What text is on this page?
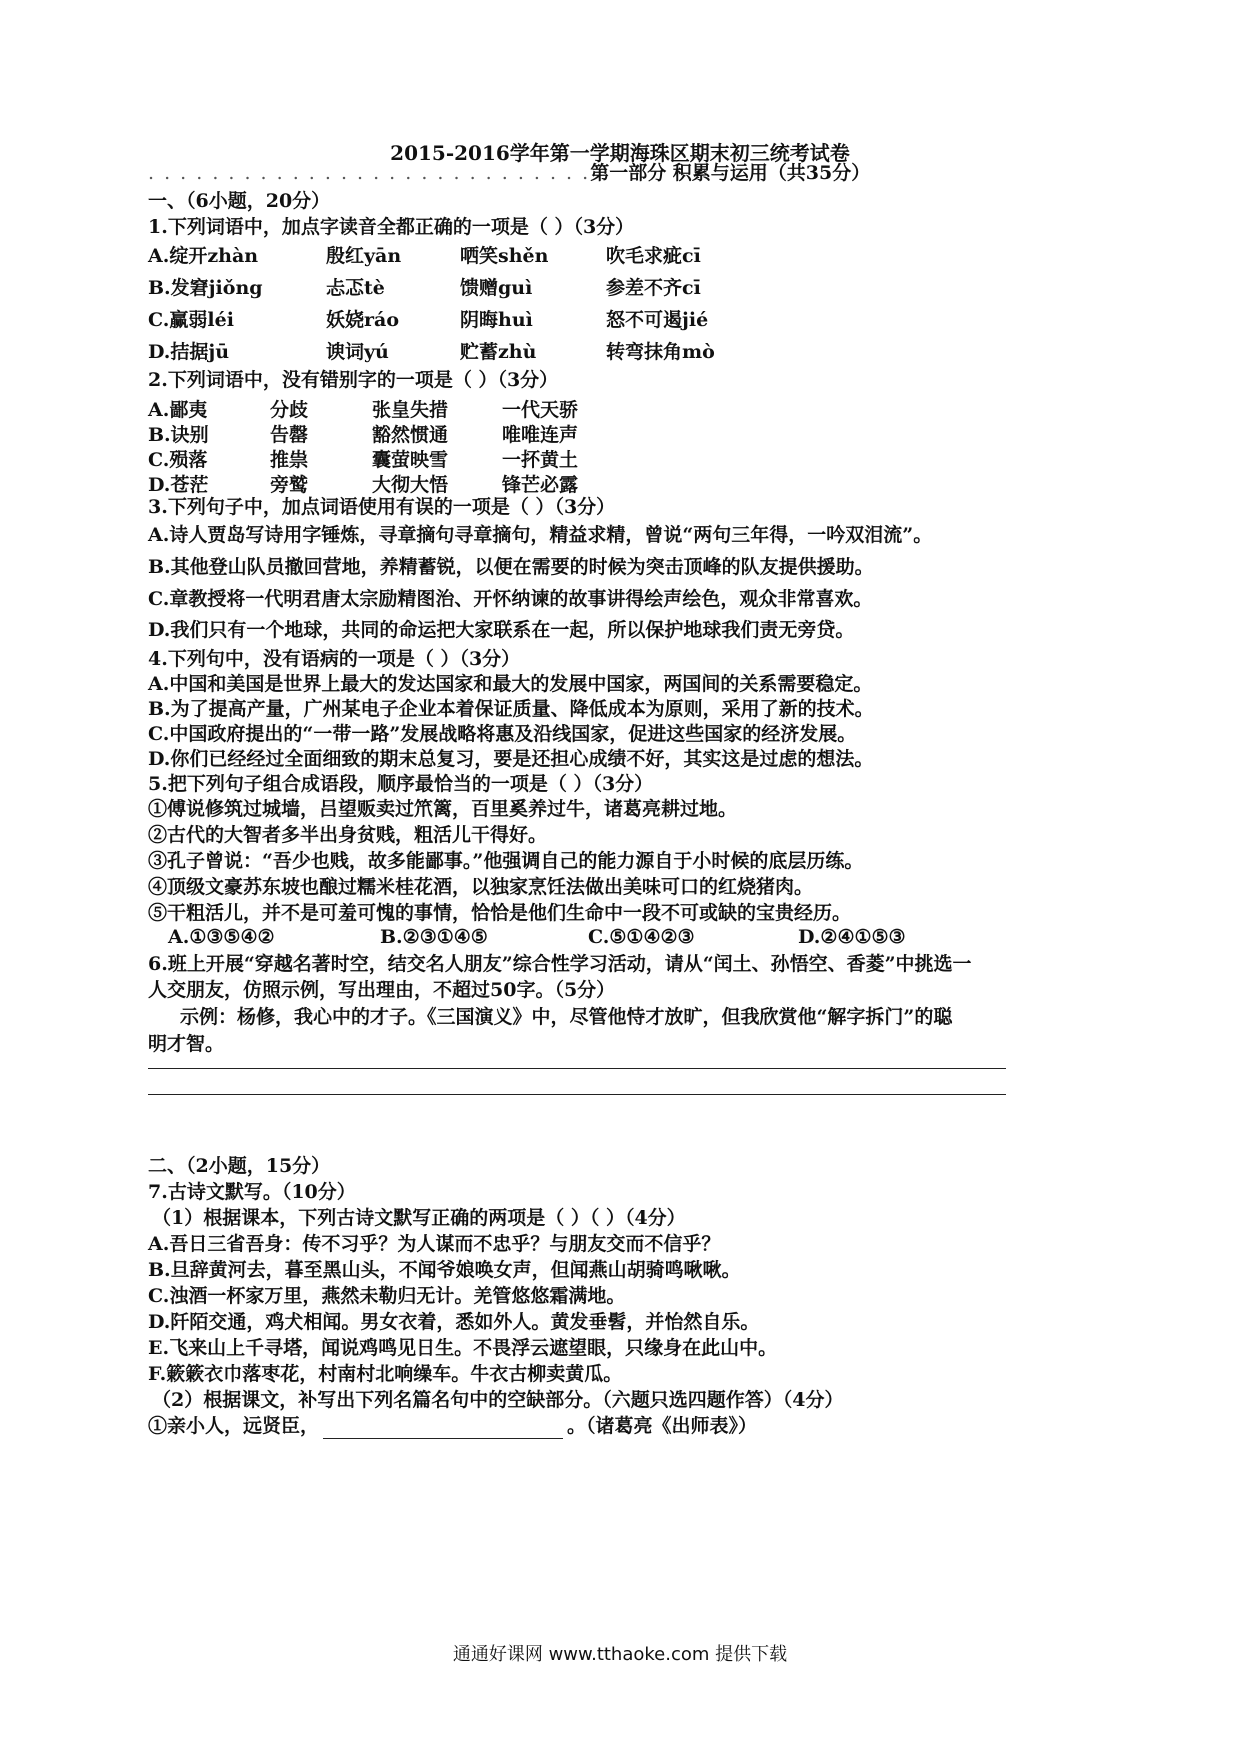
2015-2016学年第一学期海珠区期末初三统考试卷
. . . . . . . . . . . . . . . . . . . . . . . . . . . .第一部分 积累与运用（共35分）
一、（6小题，20分）
1.下列词语中，加点字读音全都正确的一项是（ ）（3分）
A.绽开zhàn	殷红yān	哂笑shěn	吹毛求疵cī
B.发窘jiǒng	忐忑tè	馈赠guì	参差不齐cī
C.赢弱léi	妖娆ráo	阴晦huì	怒不可遏jié
D.拮据jū	谀词yú	贮蓄zhù	转弯抹角mò
2.下列词语中，没有错别字的一项是（ ）（3分）
A.鄙夷	分歧	张皇失措	一代天骄
B.诀别	告罄	豁然惯通	唯唯连声
C.殒落	推祟	囊萤映雪	一抔黄土
D.苍茫	旁鹫	大彻大悟	锋芒必露
3.下列句子中，加点词语使用有误的一项是（ ）（3分）
A.诗人贾岛写诗用字锤炼，寻章摘句寻章摘句，精益求精，曾说“两句三年得，一吟双泪流”。
B.其他登山队员撤回营地，养精蓄锐，以便在需要的时候为突击顶峰的队友提供援助。
C.章教授将一代明君唐太宗励精图治、开怀纳谏的故事讲得绘声绘色，观众非常喜欢。
D.我们只有一个地球，共同的命运把大家联系在一起，所以保护地球我们责无旁贷。
4.下列句中，没有语病的一项是（ ）（3分）
A.中国和美国是世界上最大的发达国家和最大的发展中国家，两国间的关系需要稳定。
B.为了提高产量，广州某电子企业本着保证质量、降低成本为原则，采用了新的技术。
C.中国政府提出的“一带一路”发展战略将惠及沿线国家，促进这些国家的经济发展。
D.你们已经经过全面细致的期末总复习，要是还担心成绩不好，其实这是过虑的想法。
5.把下列句子组合成语段，顺序最恰当的一项是（ ）（3分）
①傅说修筑过城墙，吕望贩卖过笊篱，百里奚养过牛，诸葛亮耕过地。
②古代的大智者多半出身贫贱，粗活儿干得好。
③孔子曾说：“吾少也贱，故多能鄙事。”他强调自己的能力源自于小时候的底层历练。
④顶级文豪苏东坡也酿过糯米桂花酒，以独家烹饪法做出美味可口的红烧猪肉。
⑤干粗活儿，并不是可羞可愧的事情，恰恰是他们生命中一段不可或缺的宝贵经历。
A.①③⑤④②	B.②③①④⑤	C.⑤①④②③	D.②④①⑤③
6.班上开展“穿越名著时空，结交名人朋友”综合性学习活动，请从“闰土、孙悟空、香菱”中挑选一
人交朋友，仿照示例，写出理由，不超过50字。（5分）
示例：杨修，我心中的才子。《三国演义》中，尽管他恃才放旷，但我欣赏他“解字拆门”的聪
明才智。
二、（2小题，15分）
7.古诗文默写。（10分）
（1）根据课本，下列古诗文默写正确的两项是（ ）（ ）（4分）
A.吾日三省吾身：传不习乎？为人谋而不忠乎？与朋友交而不信乎？
B.旦辞黄河去，暮至黑山头，不闻爷娘唤女声，但闻燕山胡骑鸣啾啾。
C.浊酒一杯家万里，燕然未勒归无计。羌管悠悠霜满地。
D.阡陌交通，鸡犬相闻。男女衣着，悉如外人。黄发垂髫，并怡然自乐。
E.飞来山上千寻塔，闻说鸡鸣见日生。不畏浮云遮望眼，只缘身在此山中。
F.簌簌衣巾落枣花，村南村北响缲车。牛衣古柳卖黄瓜。
（2）根据课文，补写出下列名篇名句中的空缺部分。（六题只选四题作答）（4分）
①亲小人，远贤臣，	。（诸葛亮《出师表》）
通通好课网 www.tthaoke.com 提供下载
